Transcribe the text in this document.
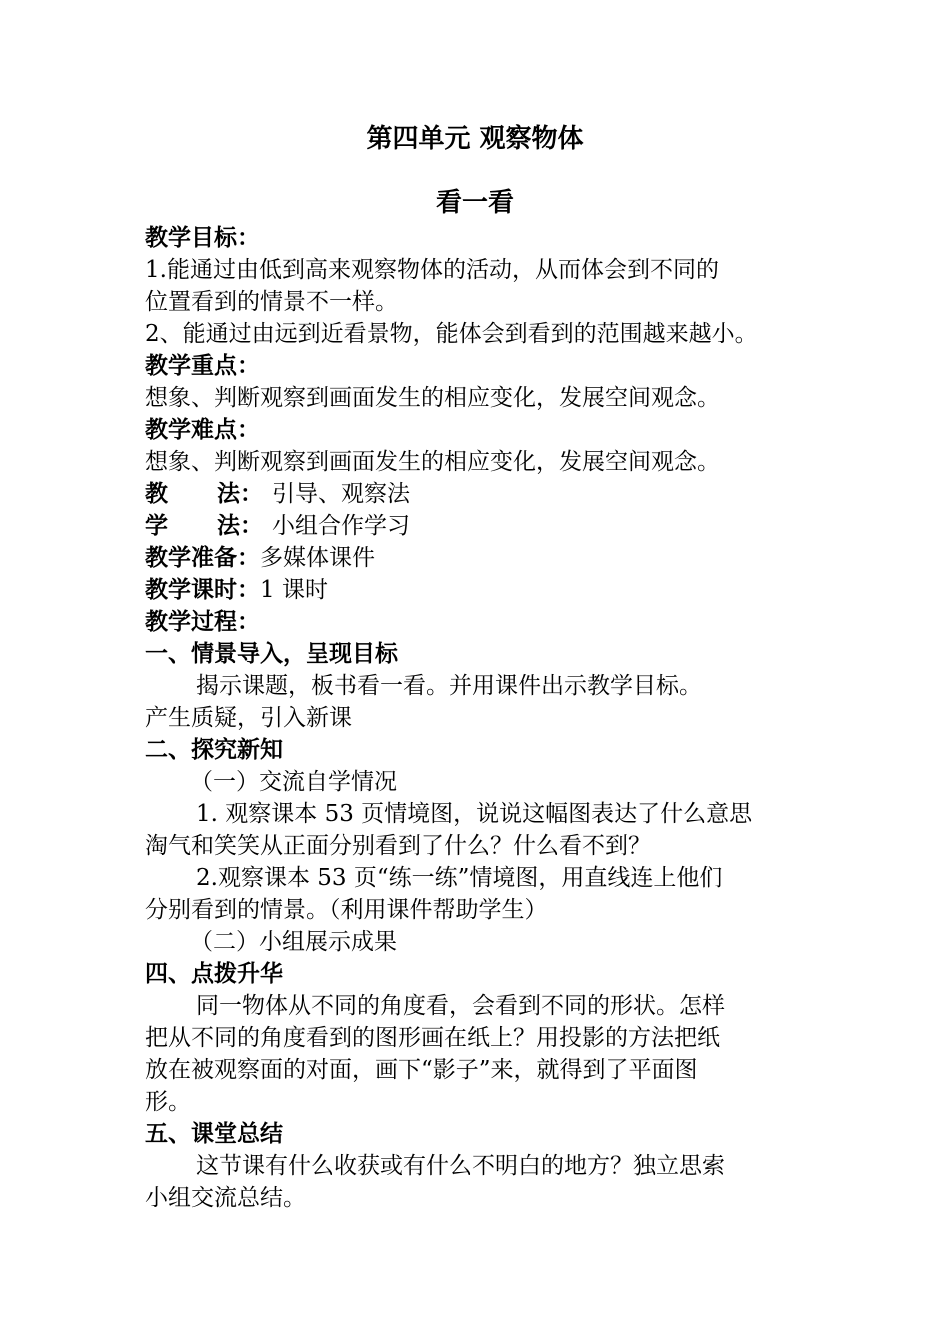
第四单元 观察物体
看一看
教学目标：
1.能通过由低到高来观察物体的活动，从而体会到不同的
位置看到的情景不一样。
2、能通过由远到近看景物，能体会到看到的范围越来越小。
教学重点：
想象、判断观察到画面发生的相应变化，发展空间观念。
教学难点：
想象、判断观察到画面发生的相应变化，发展空间观念。
教 法： 引导、观察法
学 法： 小组合作学习
教学准备：多媒体课件
教学课时：1 课时
教学过程：
一、情景导入，呈现目标
揭示课题，板书看一看。并用课件出示教学目标。
产生质疑，引入新课
二、探究新知
（一）交流自学情况
1. 观察课本 53 页情境图，说说这幅图表达了什么意思
淘气和笑笑从正面分别看到了什么？什么看不到？
2.观察课本 53 页“练一练”情境图，用直线连上他们
分别看到的情景。（利用课件帮助学生）
（二）小组展示成果
四、点拨升华
同一物体从不同的角度看，会看到不同的形状。怎样
把从不同的角度看到的图形画在纸上？用投影的方法把纸
放在被观察面的对面，画下“影子”来，就得到了平面图
形。
五、课堂总结
这节课有什么收获或有什么不明白的地方？独立思索
小组交流总结。
